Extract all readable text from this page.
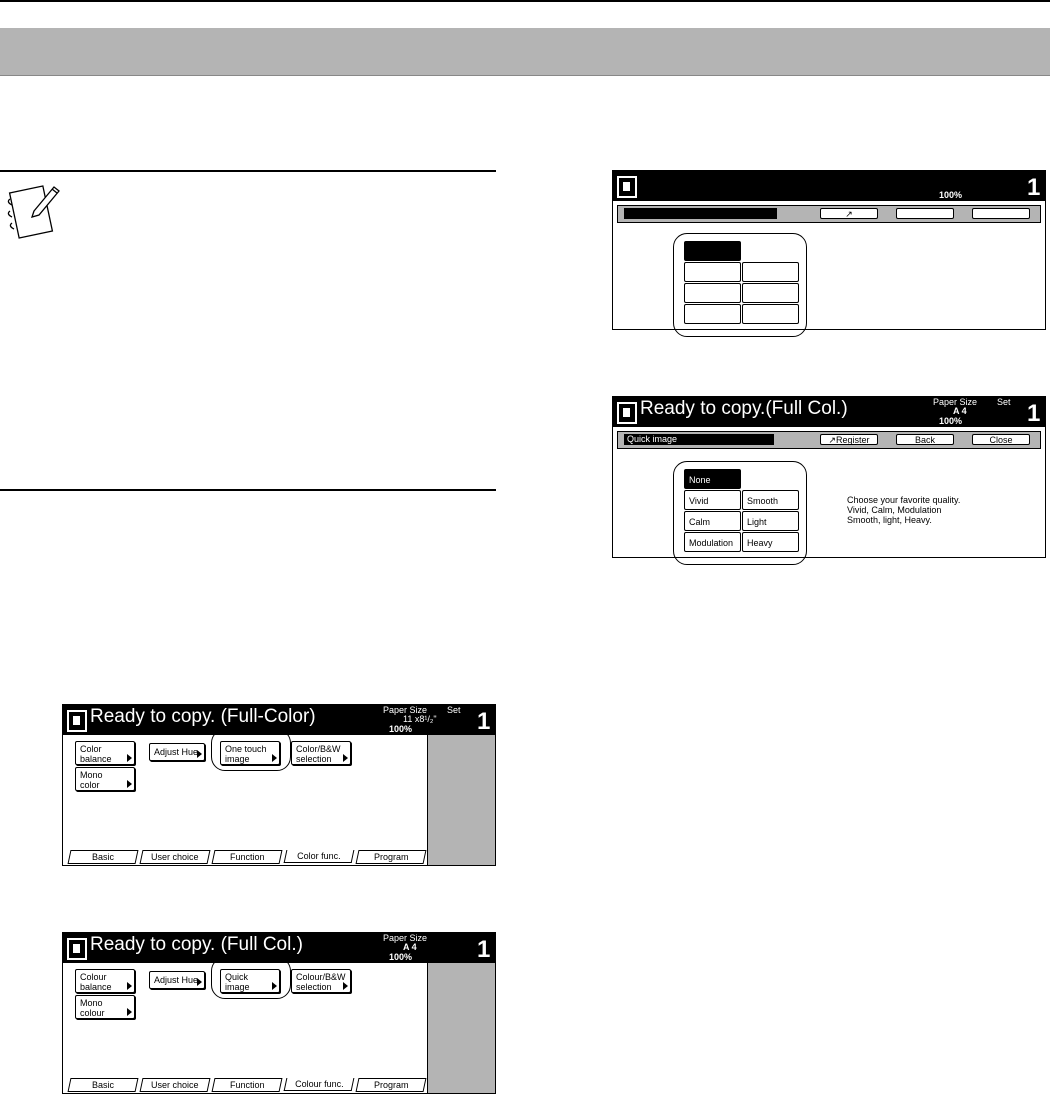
Ready to copy. (Full-Color)	Paper Size Set
11 x8¹/₂"
100%	1
Color
balance
Adjust Hue	One touch
image
Color/B&W
selection
Mono
color
Basic	User choice	Function	Color func.	Program
Ready to copy. (Full Col.)	Paper Size
A 4
100%	1
Colour
balance
Adjust Hue	Quick
image
Colour/B&W
selection
Mono
colour
Basic	User choice	Function	Colour func.	Program
100%	1
↗
Ready to copy.(Full Col.)	Paper Size Set
A 4
100%	1
Quick image	↗Register	Back	Close
None
Vivid	Smooth
Calm	Light
Modulation	Heavy
Choose your favorite quality.
Vivid, Calm, Modulation
Smooth, light, Heavy.
